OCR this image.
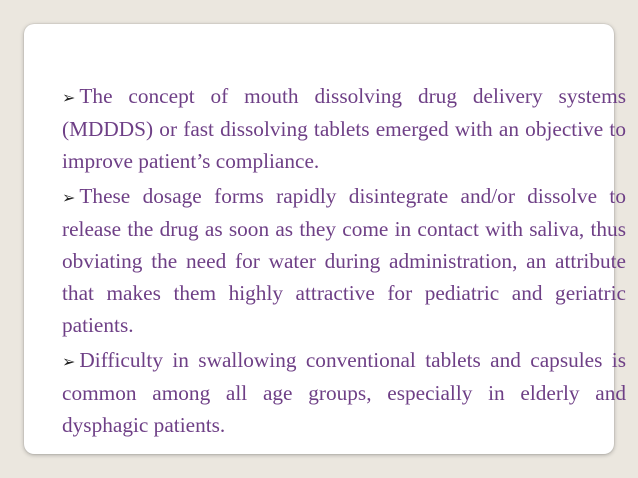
➢ The concept of mouth dissolving drug delivery systems (MDDDS) or fast dissolving tablets emerged with an objective to improve patient’s compliance.
➢ These dosage forms rapidly disintegrate and/or dissolve to release the drug as soon as they come in contact with saliva, thus obviating the need for water during administration, an attribute that makes them highly attractive for pediatric and geriatric patients.
➢ Difficulty in swallowing conventional tablets and capsules is common among all age groups, especially in elderly and dysphagic patients.
